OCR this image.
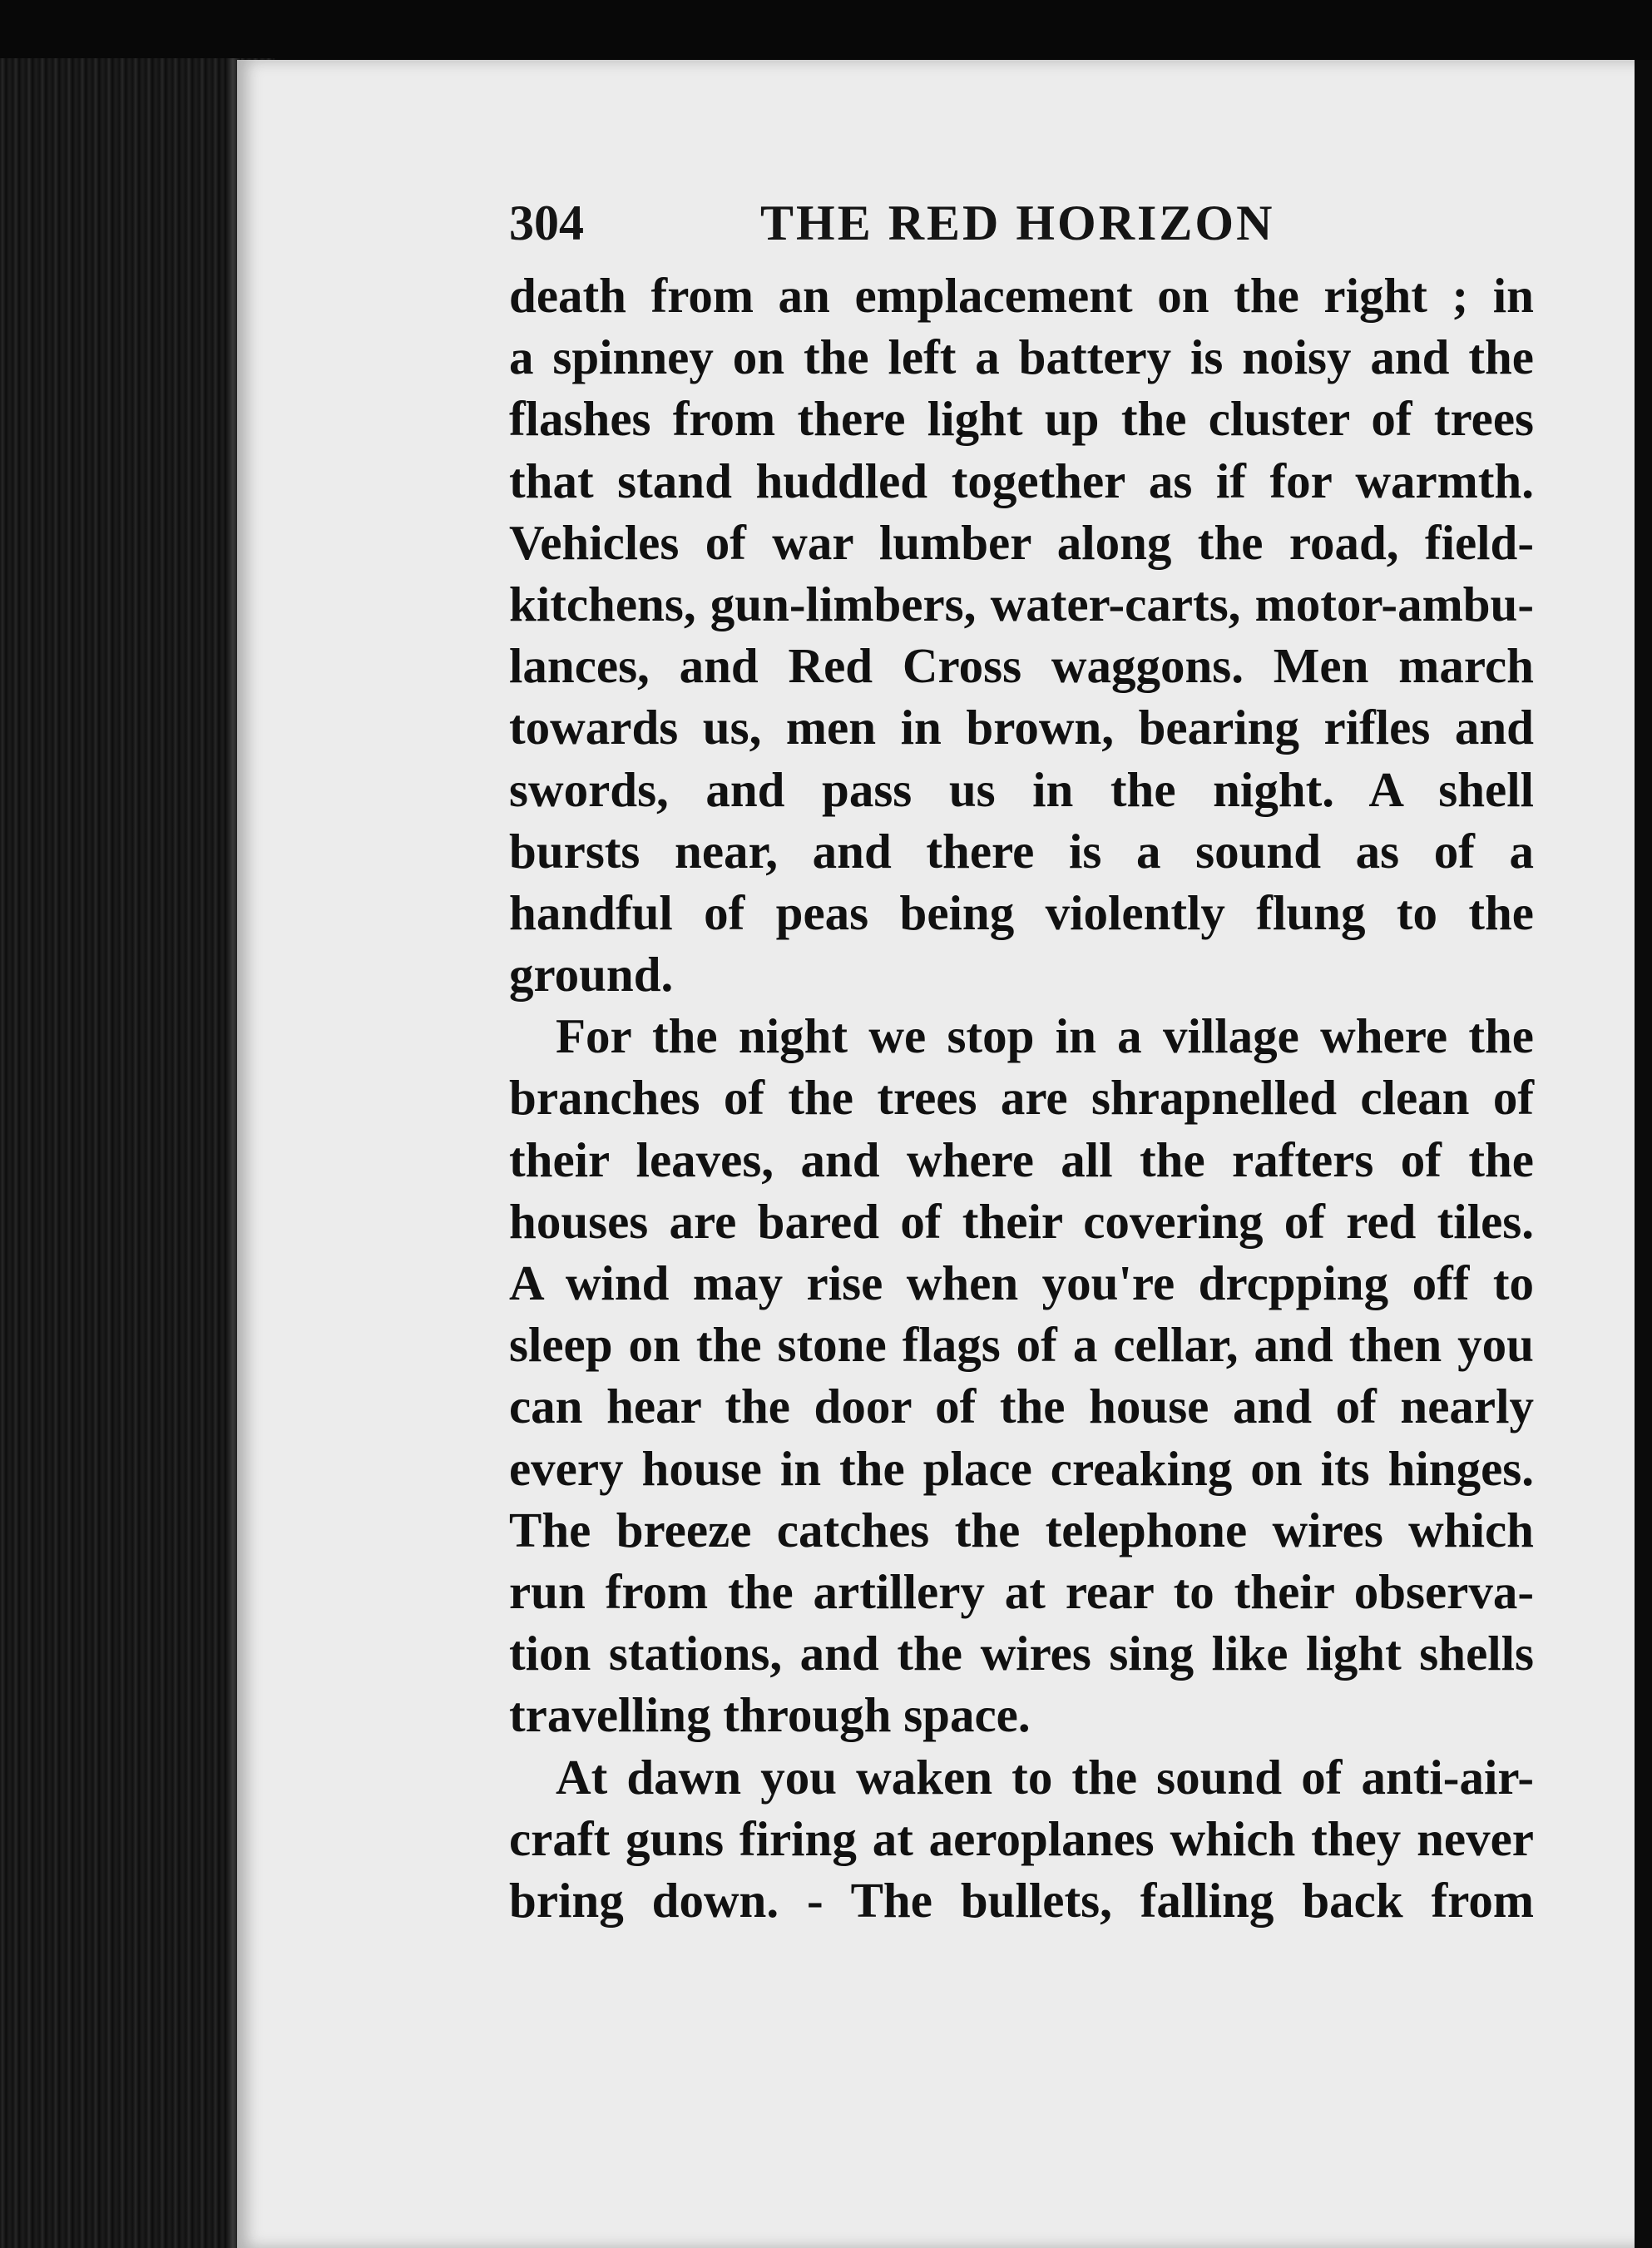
304	THE RED HORIZON
death from an emplacement on the right ; in
a spinney on the left a battery is noisy and the
flashes from there light up the cluster of trees
that stand huddled together as if for warmth.
Vehicles of war lumber along the road, field-
kitchens, gun-limbers, water-carts, motor-ambu-
lances, and Red Cross waggons. Men march
towards us, men in brown, bearing rifles and
swords, and pass us in the night. A shell
bursts near, and there is a sound as of a
handful of peas being violently flung to the
ground.
For the night we stop in a village where the
branches of the trees are shrapnelled clean of
their leaves, and where all the rafters of the
houses are bared of their covering of red tiles.
A wind may rise when you're drcpping off to
sleep on the stone flags of a cellar, and then you
can hear the door of the house and of nearly
every house in the place creaking on its hinges.
The breeze catches the telephone wires which
run from the artillery at rear to their observa-
tion stations, and the wires sing like light shells
travelling through space.
At dawn you waken to the sound of anti-air-
craft guns firing at aeroplanes which they never
bring down. - The bullets, falling back from
